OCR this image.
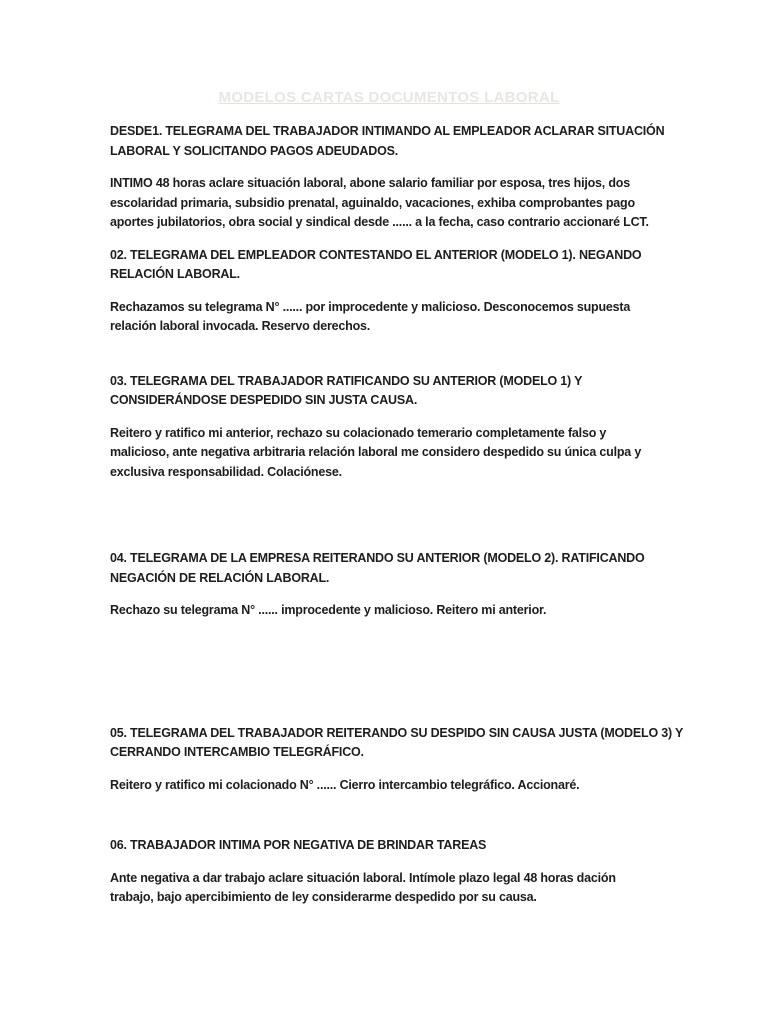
MODELOS CARTAS DOCUMENTOS LABORAL
DESDE1. TELEGRAMA DEL TRABAJADOR INTIMANDO AL EMPLEADOR ACLARAR SITUACIÓN
LABORAL Y SOLICITANDO PAGOS ADEUDADOS.
INTIMO 48 horas aclare situación laboral, abone salario familiar por esposa, tres hijos, dos
escolaridad primaria, subsidio prenatal, aguinaldo, vacaciones, exhiba comprobantes pago
aportes jubilatorios, obra social y sindical desde ...... a la fecha, caso contrario accionaré LCT.
02. TELEGRAMA DEL EMPLEADOR CONTESTANDO EL ANTERIOR (MODELO 1). NEGANDO
RELACIÓN LABORAL.
Rechazamos su telegrama N° ...... por improcedente y malicioso. Desconocemos supuesta
relación laboral invocada. Reservo derechos.
03. TELEGRAMA DEL TRABAJADOR RATIFICANDO SU ANTERIOR (MODELO 1) Y
CONSIDERÁNDOSE DESPEDIDO SIN JUSTA CAUSA.
Reitero y ratifico mi anterior, rechazo su colacionado temerario completamente falso y
malicioso, ante negativa arbitraria relación laboral me considero despedido su única culpa y
exclusiva responsabilidad. Colaciónese.
04. TELEGRAMA DE LA EMPRESA REITERANDO SU ANTERIOR (MODELO 2). RATIFICANDO
NEGACIÓN DE RELACIÓN LABORAL.
Rechazo su telegrama N° ...... improcedente y malicioso. Reitero mi anterior.
05. TELEGRAMA DEL TRABAJADOR REITERANDO SU DESPIDO SIN CAUSA JUSTA (MODELO 3) Y
CERRANDO INTERCAMBIO TELEGRÁFICO.
Reitero y ratifico mi colacionado N° ...... Cierro intercambio telegráfico. Accionaré.
06. TRABAJADOR INTIMA POR NEGATIVA DE BRINDAR TAREAS
Ante negativa a dar trabajo aclare situación laboral. Intímole plazo legal 48 horas dación
trabajo, bajo apercibimiento de ley considerarme despedido por su causa.
